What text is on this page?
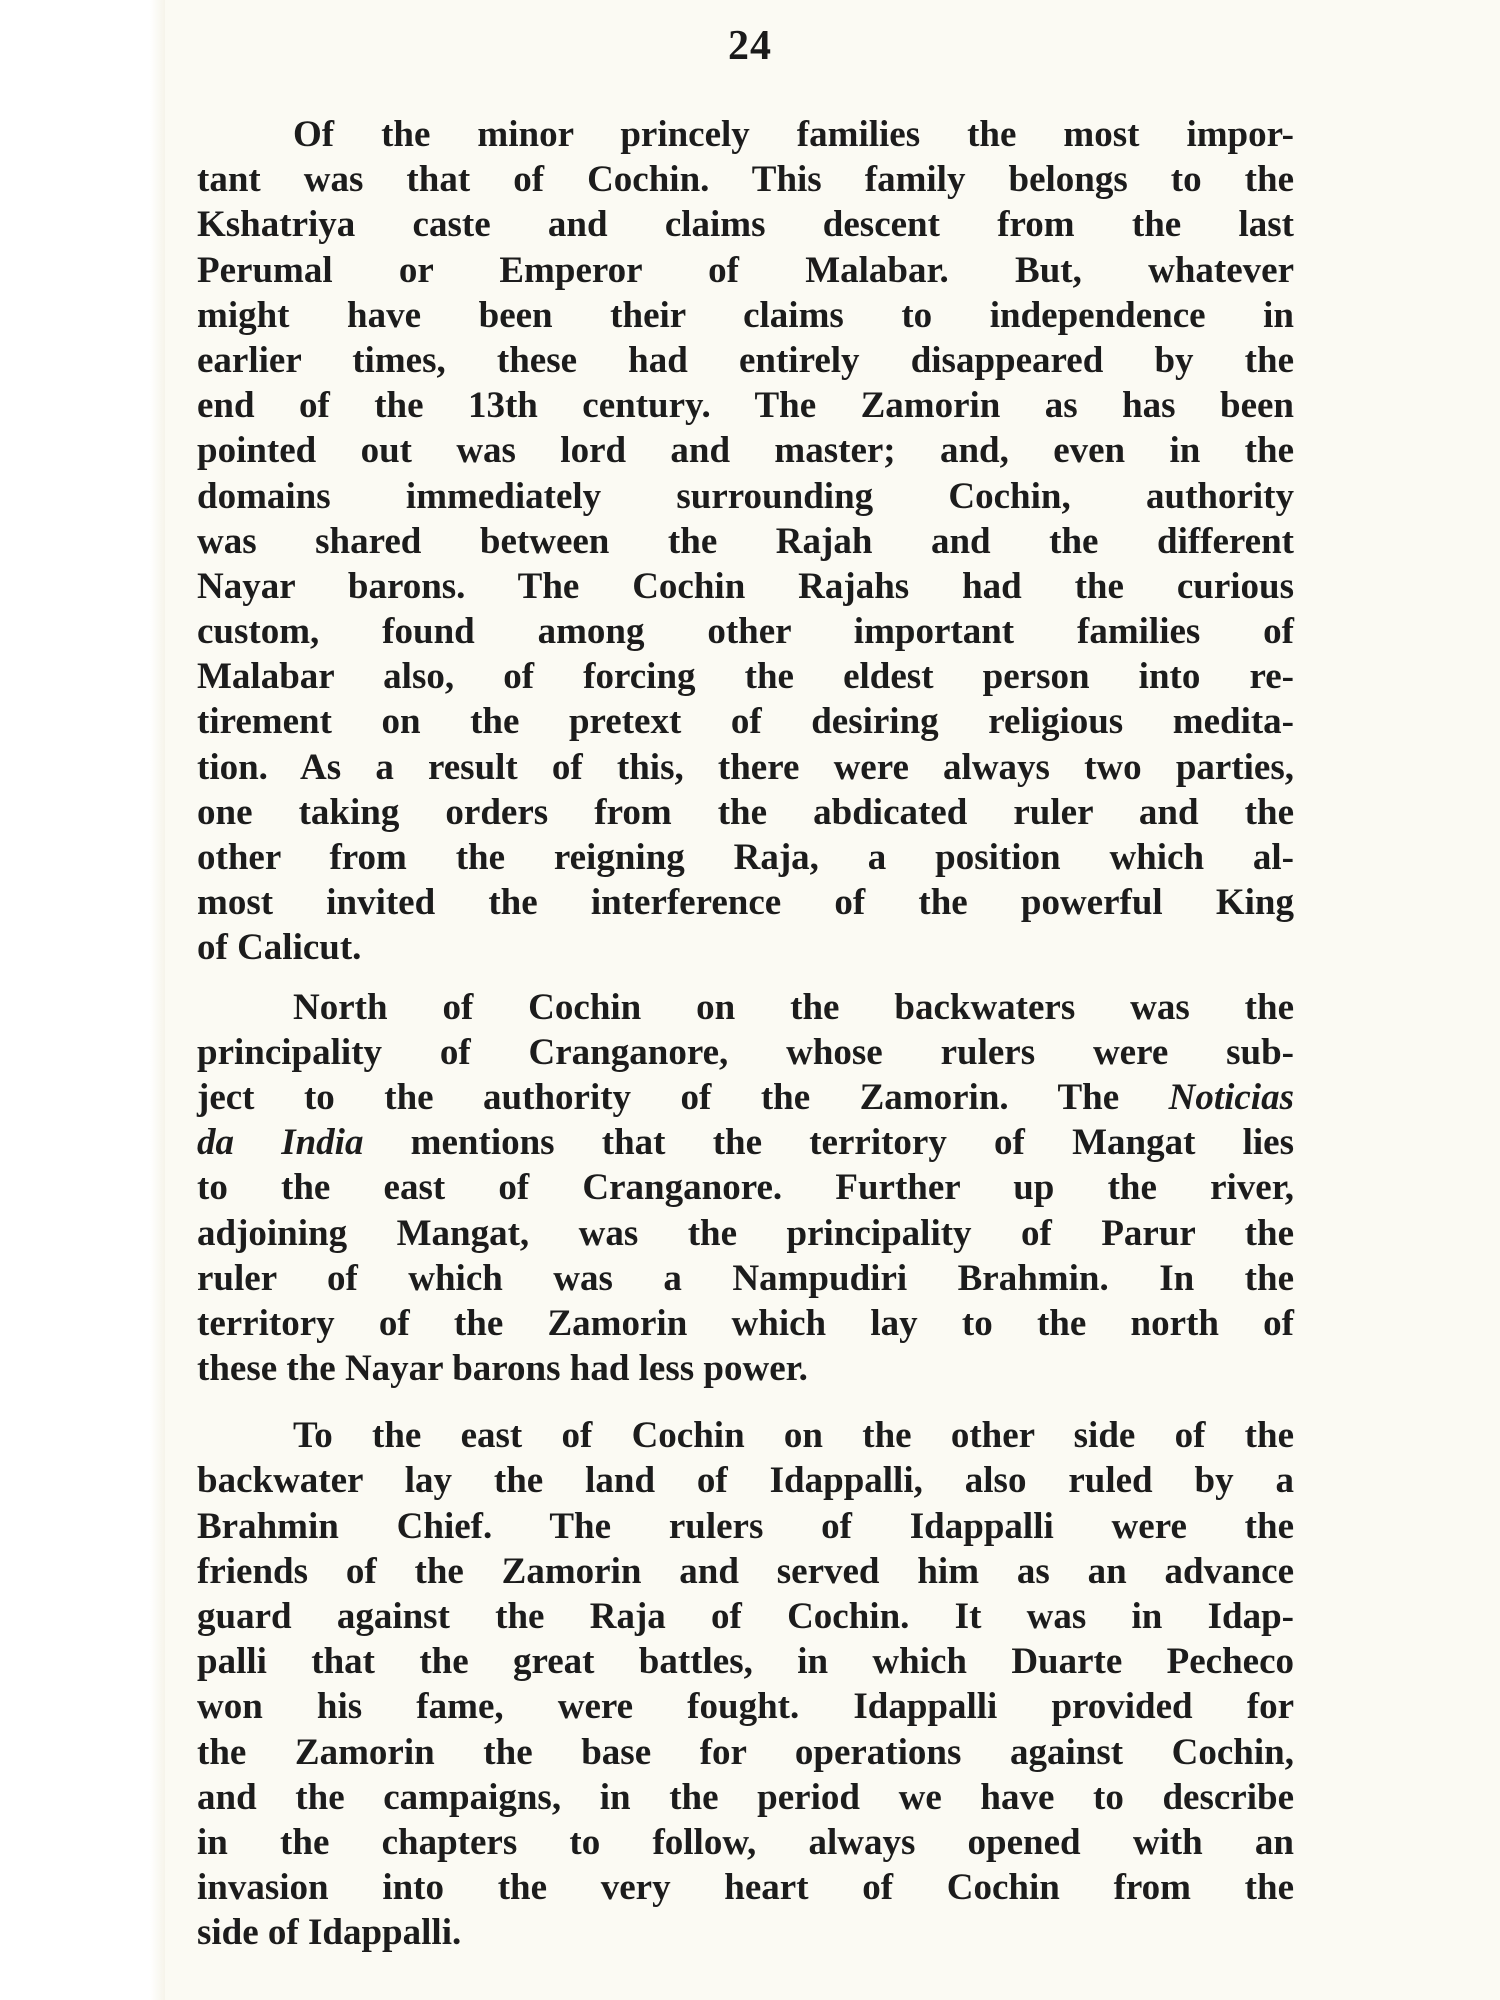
24
Of the minor princely families the most impor-
tant was that of Cochin. This family belongs to the
Kshatriya caste and claims descent from the last
Perumal or Emperor of Malabar. But, whatever
might have been their claims to independence in
earlier times, these had entirely disappeared by the
end of the 13th century. The Zamorin as has been
pointed out was lord and master; and, even in the
domains immediately surrounding Cochin, authority
was shared between the Rajah and the different
Nayar barons. The Cochin Rajahs had the curious
custom, found among other important families of
Malabar also, of forcing the eldest person into re-
tirement on the pretext of desiring religious medita-
tion. As a result of this, there were always two parties,
one taking orders from the abdicated ruler and the
other from the reigning Raja, a position which al-
most invited the interference of the powerful King
of Calicut.
North of Cochin on the backwaters was the
principality of Cranganore, whose rulers were sub-
ject to the authority of the Zamorin. The Noticias
da India mentions that the territory of Mangat lies
to the east of Cranganore. Further up the river,
adjoining Mangat, was the principality of Parur the
ruler of which was a Nampudiri Brahmin. In the
territory of the Zamorin which lay to the north of
these the Nayar barons had less power.
To the east of Cochin on the other side of the
backwater lay the land of Idappalli, also ruled by a
Brahmin Chief. The rulers of Idappalli were the
friends of the Zamorin and served him as an advance
guard against the Raja of Cochin. It was in Idap-
palli that the great battles, in which Duarte Pecheco
won his fame, were fought. Idappalli provided for
the Zamorin the base for operations against Cochin,
and the campaigns, in the period we have to describe
in the chapters to follow, always opened with an
invasion into the very heart of Cochin from the
side of Idappalli.
